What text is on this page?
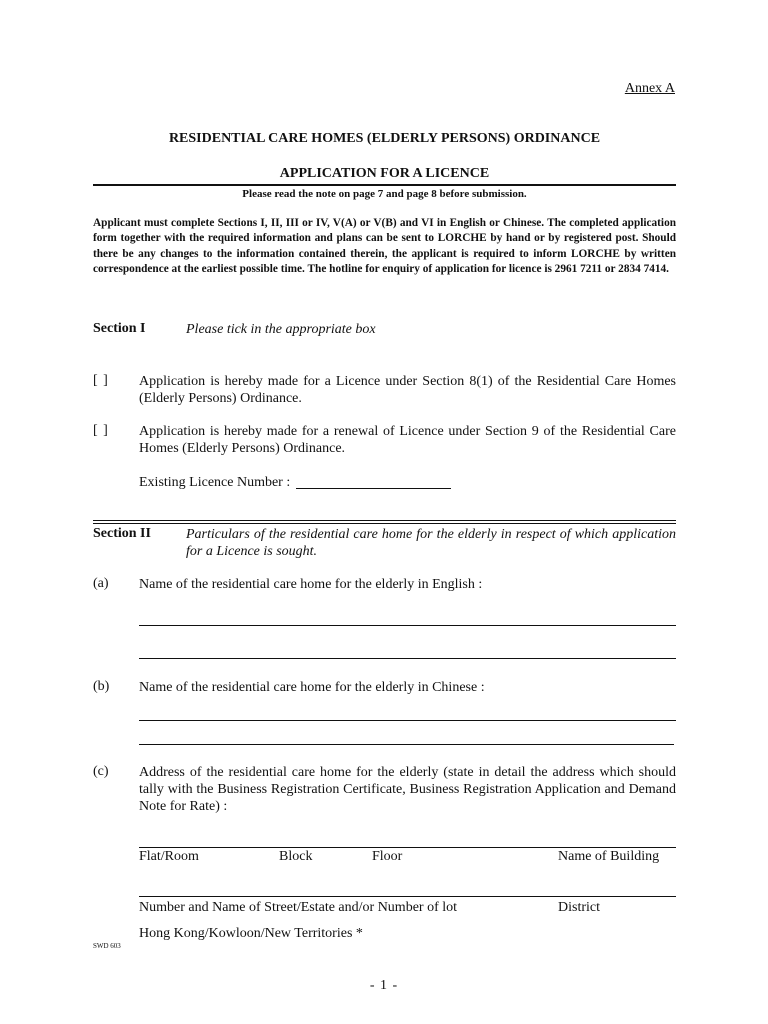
Annex A
RESIDENTIAL CARE HOMES (ELDERLY PERSONS) ORDINANCE
APPLICATION FOR A LICENCE
Please read the note on page 7 and page 8 before submission.
Applicant must complete Sections I, II, III or IV, V(A) or V(B) and VI in English or Chinese. The completed application form together with the required information and plans can be sent to LORCHE by hand or by registered post. Should there be any changes to the information contained therein, the applicant is required to inform LORCHE by written correspondence at the earliest possible time. The hotline for enquiry of application for licence is 2961 7211 or 2834 7414.
Section I	Please tick in the appropriate box
[ ] Application is hereby made for a Licence under Section 8(1) of the Residential Care Homes (Elderly Persons) Ordinance.
[ ] Application is hereby made for a renewal of Licence under Section 9 of the Residential Care Homes (Elderly Persons) Ordinance.
Existing Licence Number :
Section II	Particulars of the residential care home for the elderly in respect of which application for a Licence is sought.
(a) Name of the residential care home for the elderly in English :
(b) Name of the residential care home for the elderly in Chinese :
(c) Address of the residential care home for the elderly (state in detail the address which should tally with the Business Registration Certificate, Business Registration Application and Demand Note for Rate) :
Flat/Room	Block	Floor	Name of Building
Number and Name of Street/Estate and/or Number of lot	District
Hong Kong/Kowloon/New Territories *
SWD 603
- 1 -
